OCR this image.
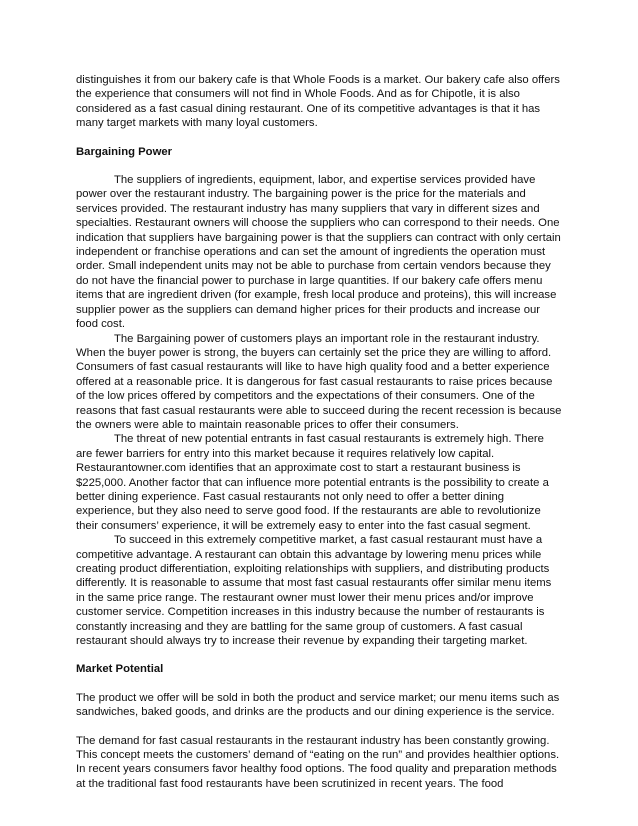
distinguishes it from our bakery cafe is that Whole Foods is a market. Our bakery cafe also offers the experience that consumers will not find in Whole Foods. And as for Chipotle, it is also considered as a fast casual dining restaurant. One of its competitive advantages is that it has many target markets with many loyal customers.

Bargaining Power

The suppliers of ingredients, equipment, labor, and expertise services provided have power over the restaurant industry. The bargaining power is the price for the materials and services provided. The restaurant industry has many suppliers that vary in different sizes and specialties. Restaurant owners will choose the suppliers who can correspond to their needs. One indication that suppliers have bargaining power is that the suppliers can contract with only certain independent or franchise operations and can set the amount of ingredients the operation must order. Small independent units may not be able to purchase from certain vendors because they do not have the financial power to purchase in large quantities. If our bakery cafe offers menu items that are ingredient driven (for example, fresh local produce and proteins), this will increase supplier power as the suppliers can demand higher prices for their products and increase our food cost.

The Bargaining power of customers plays an important role in the restaurant industry. When the buyer power is strong, the buyers can certainly set the price they are willing to afford. Consumers of fast casual restaurants will like to have high quality food and a better experience offered at a reasonable price. It is dangerous for fast casual restaurants to raise prices because of the low prices offered by competitors and the expectations of their consumers. One of the reasons that fast casual restaurants were able to succeed during the recent recession is because the owners were able to maintain reasonable prices to offer their consumers.

The threat of new potential entrants in fast casual restaurants is extremely high. There are fewer barriers for entry into this market because it requires relatively low capital. Restaurantowner.com identifies that an approximate cost to start a restaurant business is $225,000. Another factor that can influence more potential entrants is the possibility to create a better dining experience. Fast casual restaurants not only need to offer a better dining experience, but they also need to serve good food. If the restaurants are able to revolutionize their consumers’ experience, it will be extremely easy to enter into the fast casual segment.

To succeed in this extremely competitive market, a fast casual restaurant must have a competitive advantage. A restaurant can obtain this advantage by lowering menu prices while creating product differentiation, exploiting relationships with suppliers, and distributing products differently. It is reasonable to assume that most fast casual restaurants offer similar menu items in the same price range. The restaurant owner must lower their menu prices and/or improve customer service. Competition increases in this industry because the number of restaurants is constantly increasing and they are battling for the same group of customers. A fast casual restaurant should always try to increase their revenue by expanding their targeting market.

Market Potential

The product we offer will be sold in both the product and service market; our menu items such as sandwiches, baked goods, and drinks are the products and our dining experience is the service.

The demand for fast casual restaurants in the restaurant industry has been constantly growing. This concept meets the customers’ demand of “eating on the run” and provides healthier options. In recent years consumers favor healthy food options. The food quality and preparation methods at the traditional fast food restaurants have been scrutinized in recent years. The food
